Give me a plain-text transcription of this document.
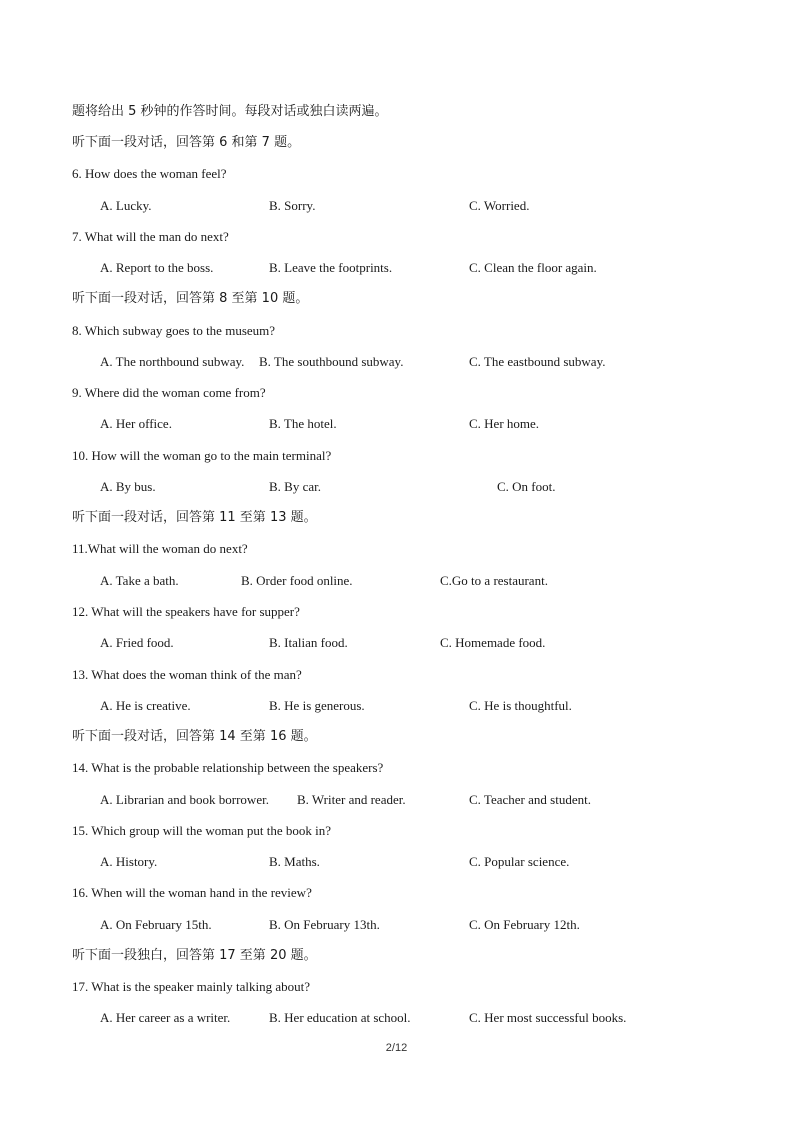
题将给出 5 秒钟的作答时间。每段对话或独白读两遍。
听下面一段对话，回答第 6 和第 7 题。
6. How does the woman feel?
A. Lucky.	B. Sorry.	C. Worried.
7. What will the man do next?
A. Report to the boss.	B. Leave the footprints.	C. Clean the floor again.
听下面一段对话，回答第 8 至第 10 题。
8. Which subway goes to the museum?
A. The northbound subway. B. The southbound subway.	C. The eastbound subway.
9. Where did the woman come from?
A. Her office.	B. The hotel.	C. Her home.
10. How will the woman go to the main terminal?
A. By bus.	B. By car.	C. On foot.
听下面一段对话，回答第 11 至第 13 题。
11.What will the woman do next?
A. Take a bath.	B. Order food online.	C.Go to a restaurant.
12. What will the speakers have for supper?
A. Fried food.	B. Italian food.	C. Homemade food.
13. What does the woman think of the man?
A. He is creative.	B. He is generous.	C. He is thoughtful.
听下面一段对话，回答第 14 至第 16 题。
14. What is the probable relationship between the speakers?
A. Librarian and book borrower. B. Writer and reader.	C. Teacher and student.
15. Which group will the woman put the book in?
A. History.	B. Maths.	C. Popular science.
16. When will the woman hand in the review?
A. On February 15th.	B. On February 13th.	C. On February 12th.
听下面一段独白，回答第 17 至第 20 题。
17. What is the speaker mainly talking about?
A. Her career as a writer.	B. Her education at school.	C. Her most successful books.
2/12
